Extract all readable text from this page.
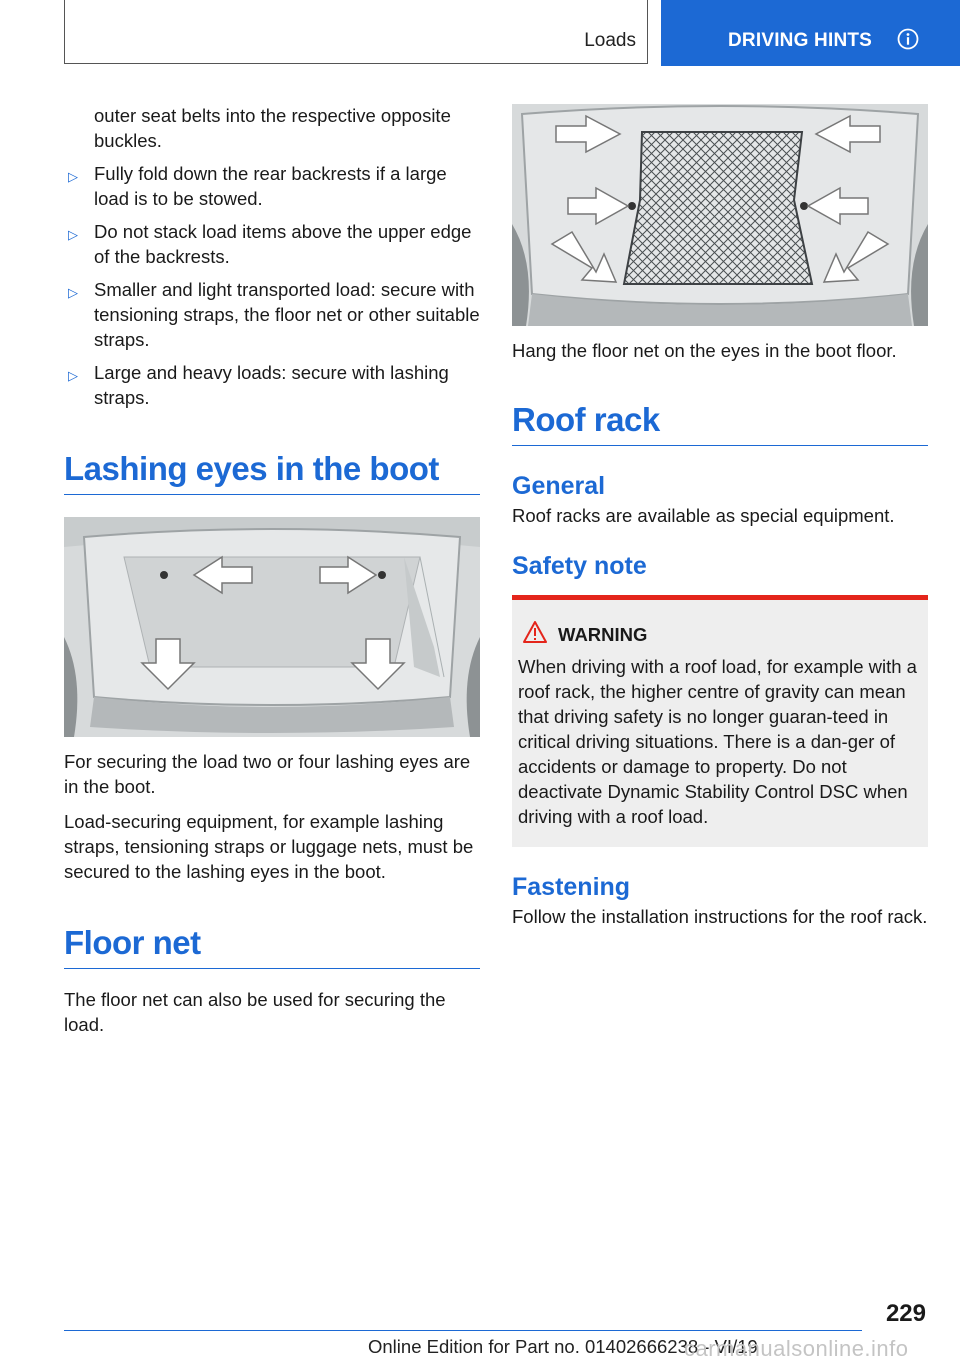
Loads	DRIVING HINTS

outer seat belts into the respective opposite buckles.

▷ Fully fold down the rear backrests if a large load is to be stowed.
▷ Do not stack load items above the upper edge of the backrests.
▷ Smaller and light transported load: secure with tensioning straps, the floor net or other suitable straps.
▷ Large and heavy loads: secure with lashing straps.
Lashing eyes in the boot

For securing the load two or four lashing eyes are in the boot.

Load-securing equipment, for example lashing straps, tensioning straps or luggage nets, must be secured to the lashing eyes in the boot.

Floor net

The floor net can also be used for securing the load.

Hang the floor net on the eyes in the boot floor.

Roof rack
General

Roof racks are available as special equipment.

Safety note
WARNING

When driving with a roof load, for example with a roof rack, the higher centre of gravity can mean that driving safety is no longer guaran-teed in critical driving situations. There is a dan-ger of accidents or damage to property. Do not deactivate Dynamic Stability Control DSC when driving with a roof load.

Fastening

Follow the installation instructions for the roof rack.

229
Online Edition for Part no. 01402666238 - VI/19
carmanualsonline.info
